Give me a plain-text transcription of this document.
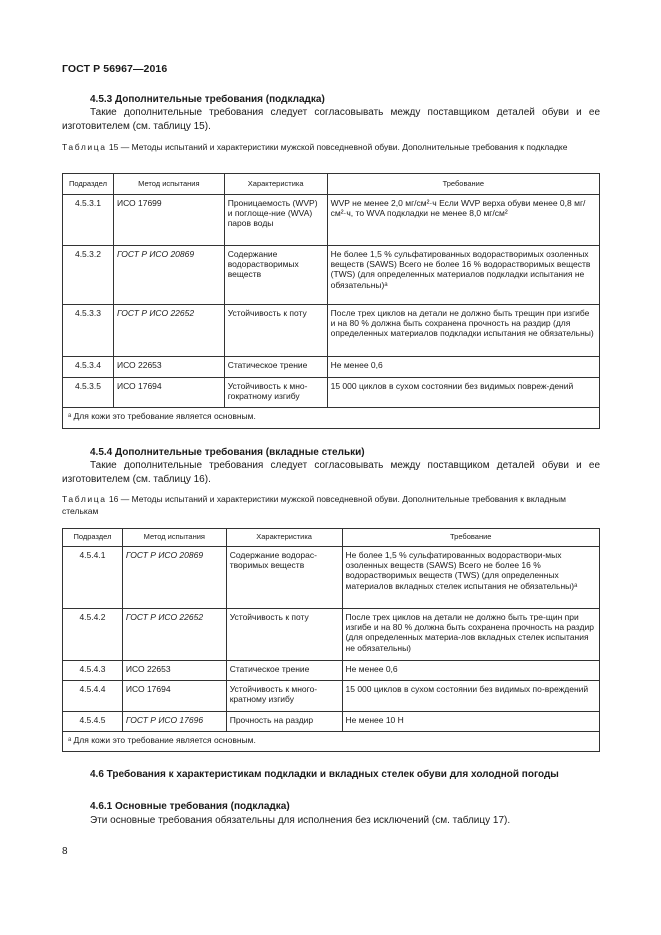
ГОСТ Р 56967—2016
4.5.3 Дополнительные требования (подкладка)
Такие дополнительные требования следует согласовывать между поставщиком деталей обуви и ее изготовителем (см. таблицу 15).
Таблица 15 — Методы испытаний и характеристики мужской повседневной обуви. Дополнительные требования к подкладке
Подраздел	Метод испытания	Характеристика	Требование
4.5.3.1	ИСО 17699	Проницаемость (WVP) и поглоще-ние (WVA) паров воды	WVP не менее 2,0 мг/см²·ч Если WVP верха обуви менее 0,8 мг/см²·ч, то WVA подкладки не менее 8,0 мг/см²
4.5.3.2	ГОСТ Р ИСО 20869	Содержание водорастворимых веществ	Не более 1,5 % сульфатированных водорастворимых озоленных веществ (SAWS) Всего не более 16 % водорастворимых веществ (TWS) (для определенных материалов подкладки испытания не обязательны)ᵃ
4.5.3.3	ГОСТ Р ИСО 22652	Устойчивость к поту	После трех циклов на детали не должно быть трещин при изгибе и на 80 % должна быть сохранена прочность на раздир (для определенных материалов подкладки испытания не обязательны)
4.5.3.4	ИСО 22653	Статическое трение	Не менее 0,6
4.5.3.5	ИСО 17694	Устойчивость к мно-гократному изгибу	15 000 циклов в сухом состоянии без видимых повреж-дений
ᵃ Для кожи это требование является основным.			
4.5.4 Дополнительные требования (вкладные стельки)
Такие дополнительные требования следует согласовывать между поставщиком деталей обуви и ее изготовителем (см. таблицу 16).
Таблица 16 — Методы испытаний и характеристики мужской повседневной обуви. Дополнительные требования к вкладным стелькам
Подраздел	Метод испытания	Характеристика	Требование
4.5.4.1	ГОСТ Р ИСО 20869	Содержание водорас-творимых веществ	Не более 1,5 % сульфатированных водораствори-мых озоленных веществ (SAWS) Всего не более 16 % водорастворимых веществ (TWS) (для определенных материалов вкладных стелек испытания не обязательны)ᵃ
4.5.4.2	ГОСТ Р ИСО 22652	Устойчивость к поту	После трех циклов на детали не должно быть тре-щин при изгибе и на 80 % должна быть сохранена прочность на раздир (для определенных материа-лов вкладных стелек испытания не обязательны)
4.5.4.3	ИСО 22653	Статическое трение	Не менее 0,6
4.5.4.4	ИСО 17694	Устойчивость к много-кратному изгибу	15 000 циклов в сухом состоянии без видимых по-вреждений
4.5.4.5	ГОСТ Р ИСО 17696	Прочность на раздир	Не менее 10 Н
ᵃ Для кожи это требование является основным.			
4.6 Требования к характеристикам подкладки и вкладных стелек обуви для холодной погоды
4.6.1 Основные требования (подкладка)
Эти основные требования обязательны для исполнения без исключений (см. таблицу 17).
8
